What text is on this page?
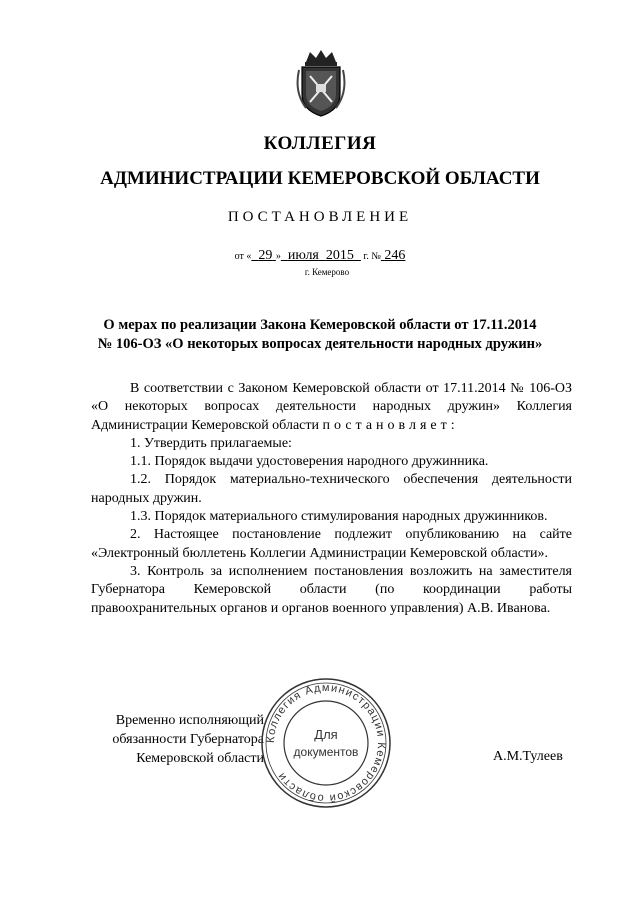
КОЛЛЕГИЯ
АДМИНИСТРАЦИИ КЕМЕРОВСКОЙ ОБЛАСТИ
ПОСТАНОВЛЕНИЕ
от « 29 » июля 2015 г. № 246
г. Кемерово
О мерах по реализации Закона Кемеровской области от 17.11.2014
№ 106-ОЗ «О некоторых вопросах деятельности народных дружин»

В соответствии с Законом Кемеровской области от 17.11.2014 № 106-ОЗ «О некоторых вопросах деятельности народных дружин» Коллегия Администрации Кемеровской области постановляет:

1. Утвердить прилагаемые:

1.1. Порядок выдачи удостоверения народного дружинника.

1.2. Порядок материально-технического обеспечения деятельности народных дружин.

1.3. Порядок материального стимулирования народных дружинников.

2. Настоящее постановление подлежит опубликованию на сайте «Электронный бюллетень Коллегии Администрации Кемеровской области».

3. Контроль за исполнением постановления возложить на заместителя Губернатора Кемеровской области (по координации работы правоохранительных органов и органов военного управления) А.В. Иванова.

Временно исполняющий
обязанности Губернатора
Кемеровской области
Коллегия Администрации Кемеровской области
Для
документов	А.М.Тулеев
